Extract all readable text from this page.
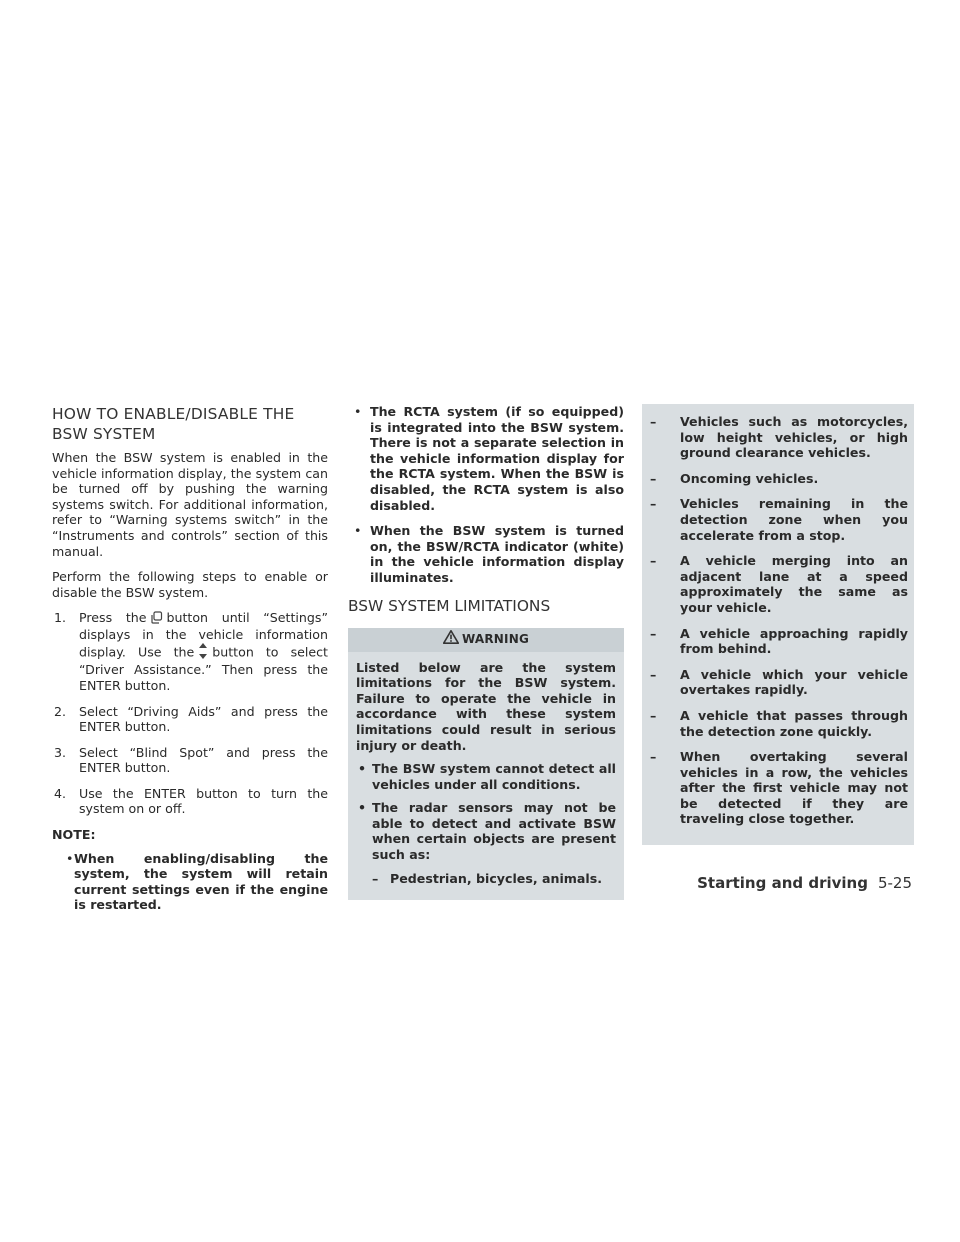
HOW TO ENABLE/DISABLE THE
BSW SYSTEM

When the BSW system is enabled in the vehicle information display, the system can be turned off by pushing the warning systems switch. For additional information, refer to “Warning systems switch” in the “Instruments and controls” section of this manual.

Perform the following steps to enable or disable the BSW system.

1. Press the button until “Settings” displays in the vehicle information display. Use the button to select “Driver Assistance.” Then press the ENTER button.
2. Select “Driving Aids” and press the ENTER button.
3. Select “Blind Spot” and press the ENTER button.
4. Use the ENTER button to turn the system on or off.
NOTE:
• When enabling/disabling the system, the system will retain current settings even if the engine is restarted.
• The RCTA system (if so equipped) is integrated into the BSW system. There is not a separate selection in the vehicle information display for the RCTA system. When the BSW is disabled, the RCTA system is also disabled.
• When the BSW system is turned on, the BSW/RCTA indicator (white) in the vehicle information display illuminates.
BSW SYSTEM LIMITATIONS
WARNING

Listed below are the system limitations for the BSW system. Failure to operate the vehicle in accordance with these system limitations could result in serious injury or death.

• The BSW system cannot detect all vehicles under all conditions.
• The radar sensors may not be able to detect and activate BSW when certain objects are present such as:
– Pedestrian, bicycles, animals.
– Vehicles such as motorcycles, low height vehicles, or high ground clearance vehicles.
– Oncoming vehicles.
– Vehicles remaining in the detection zone when you accelerate from a stop.
– A vehicle merging into an adjacent lane at a speed approximately the same as your vehicle.
– A vehicle approaching rapidly from behind.
– A vehicle which your vehicle overtakes rapidly.
– A vehicle that passes through the detection zone quickly.
– When overtaking several vehicles in a row, the vehicles after the first vehicle may not be detected if they are traveling close together.
Starting and driving 5-25
